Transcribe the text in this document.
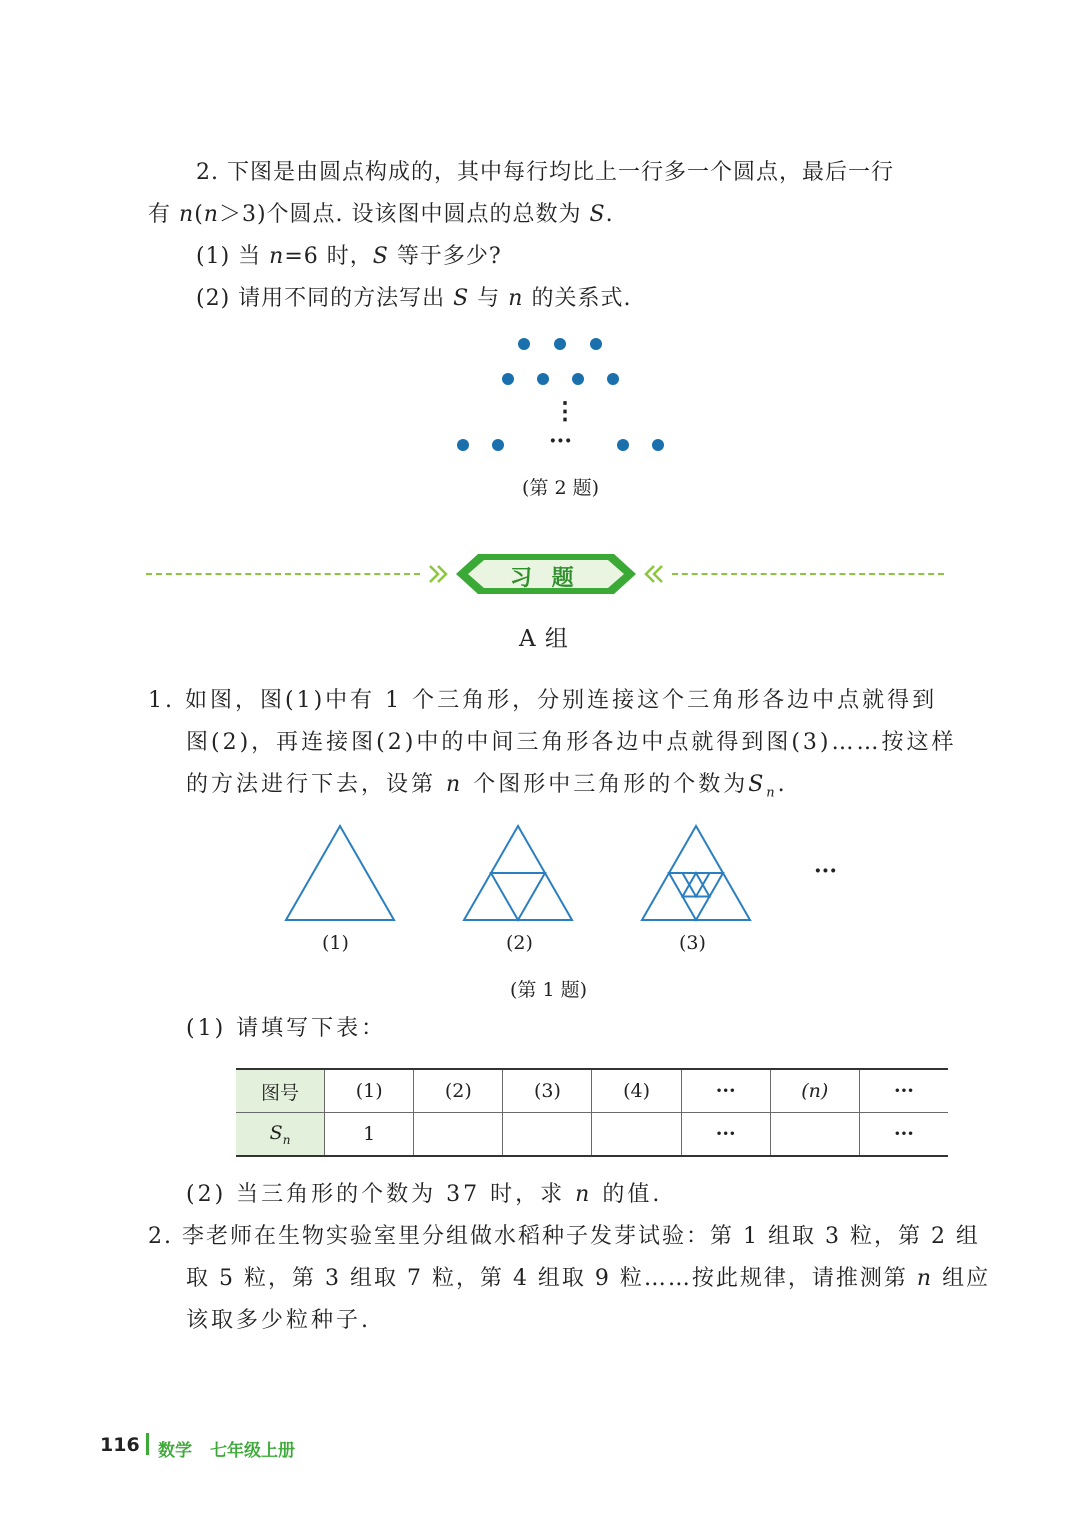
2. 下图是由圆点构成的，其中每行均比上一行多一个圆点，最后一行
有 n(n＞3)个圆点. 设该图中圆点的总数为 S.
(1) 当 n=6 时，S 等于多少?
(2) 请用不同的方法写出 S 与 n 的关系式.
⋮
···
(第 2 题)
习 题
A 组
1. 如图，图(1)中有 1 个三角形，分别连接这个三角形各边中点就得到
图(2)，再连接图(2)中的中间三角形各边中点就得到图(3)……按这样
的方法进行下去，设第 n 个图形中三角形的个数为$S_n$.
···
(1)	(2)	(3)
(第 1 题)
(1) 请填写下表：
图号	(1)	(2)	(3)	(4)	···	(n)	···
$S_n$	1				···		···
(2) 当三角形的个数为 37 时，求 n 的值.
2. 李老师在生物实验室里分组做水稻种子发芽试验：第 1 组取 3 粒，第 2 组
取 5 粒，第 3 组取 7 粒，第 4 组取 9 粒……按此规律，请推测第 n 组应
该取多少粒种子.
116 数学 七年级上册
